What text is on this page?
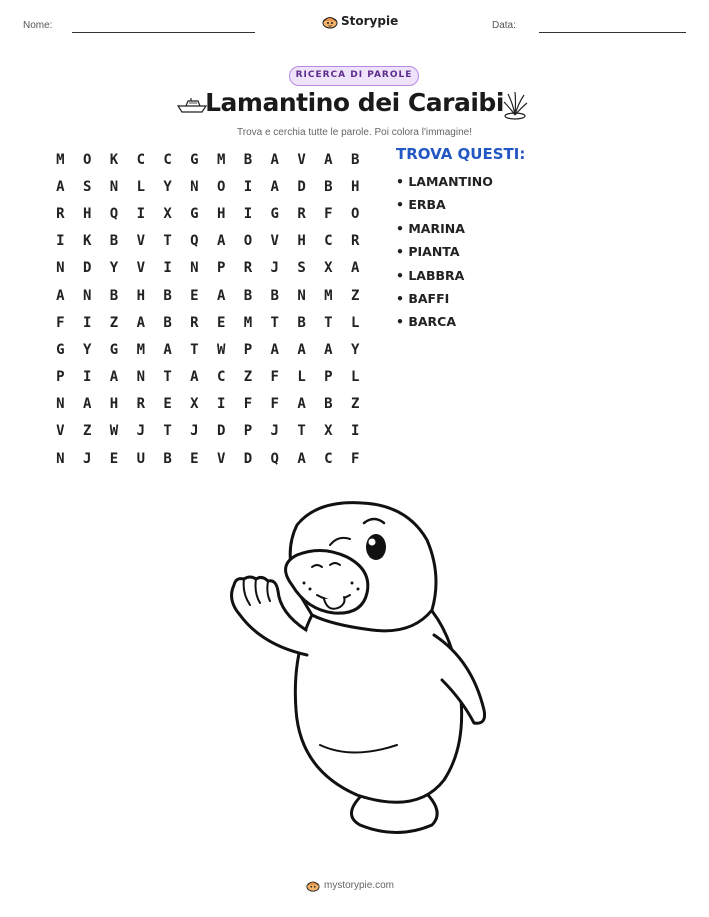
Nome:	Storypie	Data:
RICERCA DI PAROLE
Lamantino dei Caraibi
Trova e cerchia tutte le parole. Poi colora l'immagine!
M	O	K	C	C	G	M	B	A	V	A	B
A	S	N	L	Y	N	O	I	A	D	B	H
R	H	Q	I	X	G	H	I	G	R	F	O
I	K	B	V	T	Q	A	O	V	H	C	R
N	D	Y	V	I	N	P	R	J	S	X	A
A	N	B	H	B	E	A	B	B	N	M	Z
F	I	Z	A	B	R	E	M	T	B	T	L
G	Y	G	M	A	T	W	P	A	A	A	Y
P	I	A	N	T	A	C	Z	F	L	P	L
N	A	H	R	E	X	I	F	F	A	B	Z
V	Z	W	J	T	J	D	P	J	T	X	I
N	J	E	U	B	E	V	D	Q	A	C	F
TROVA QUESTI:
• LAMANTINO
• ERBA
• MARINA
• PIANTA
• LABBRA
• BAFFI
• BARCA
mystorypie.com
